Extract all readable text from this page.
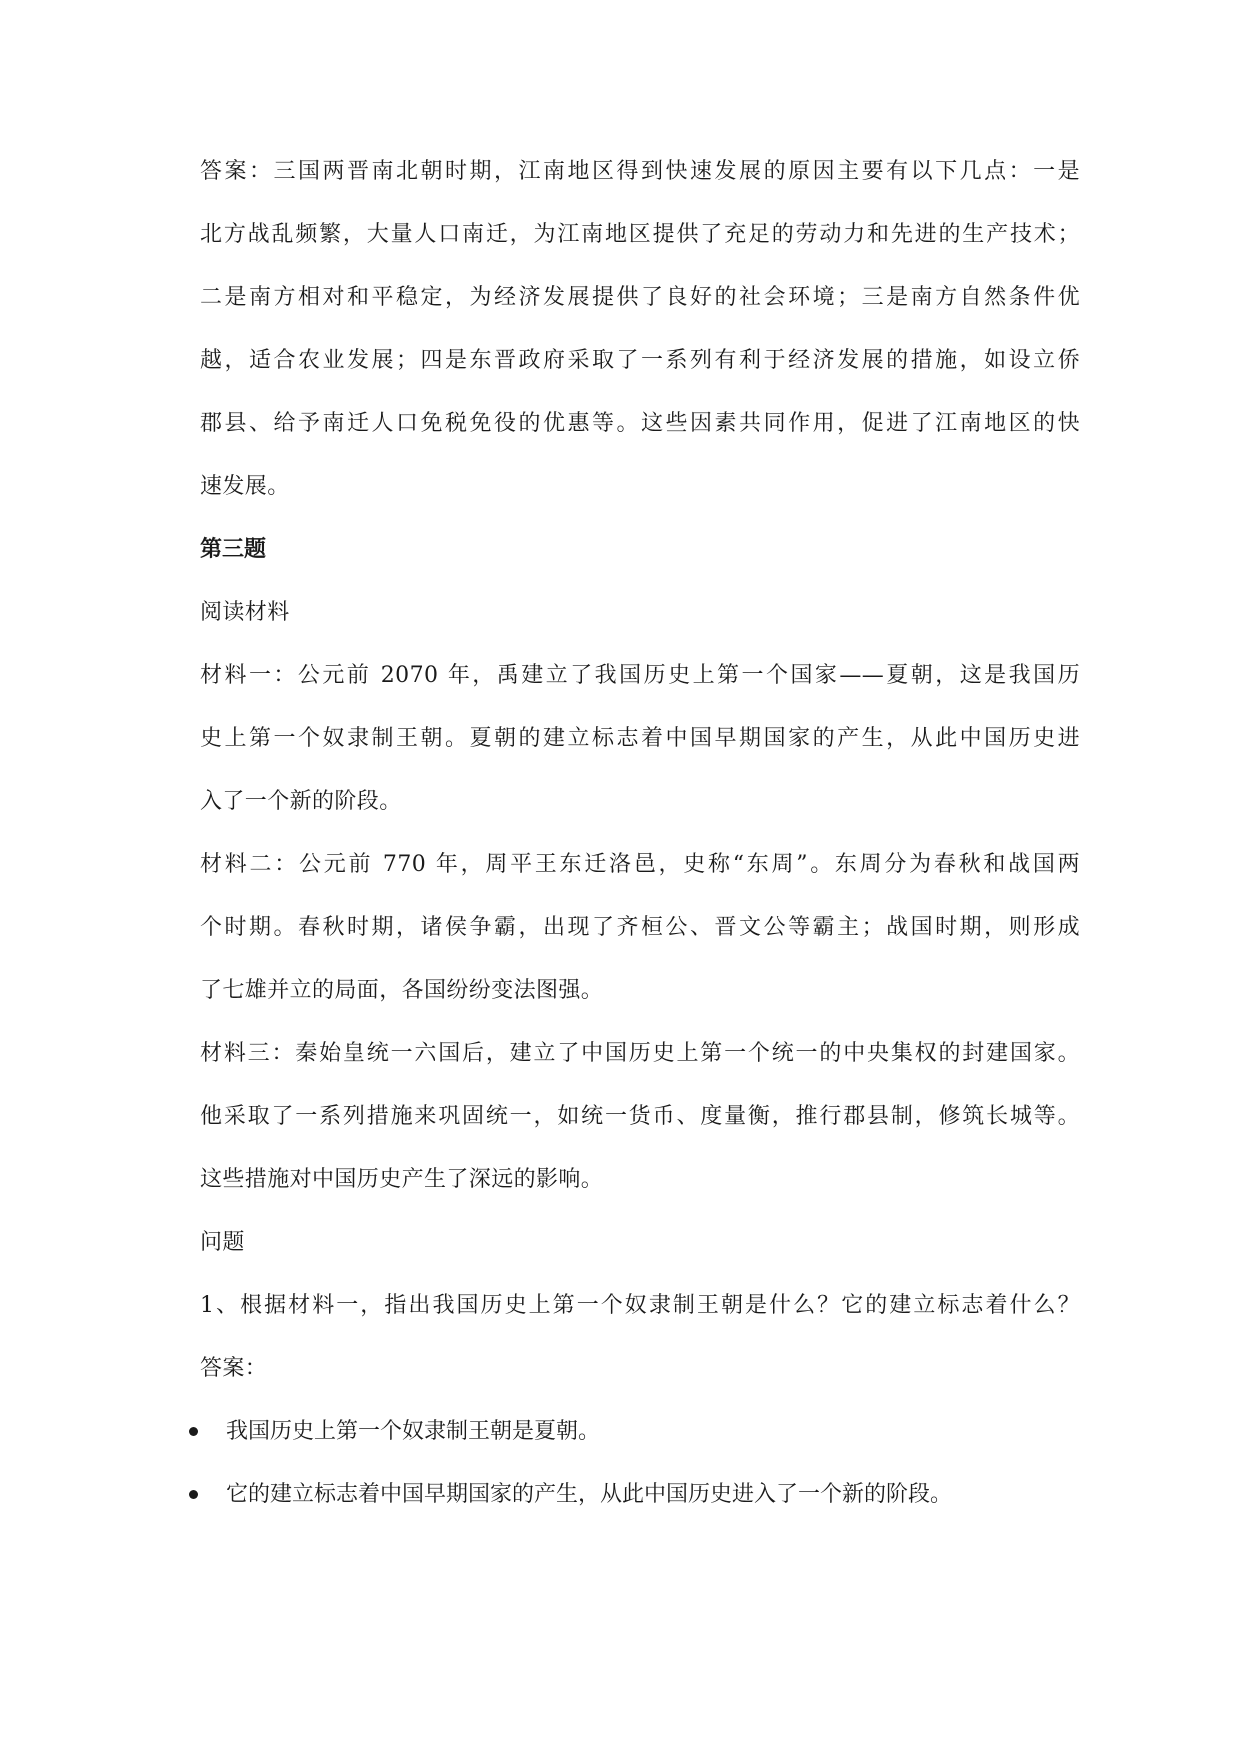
答案：三国两晋南北朝时期，江南地区得到快速发展的原因主要有以下几点：一是
北方战乱频繁，大量人口南迁，为江南地区提供了充足的劳动力和先进的生产技术；
二是南方相对和平稳定，为经济发展提供了良好的社会环境；三是南方自然条件优
越，适合农业发展；四是东晋政府采取了一系列有利于经济发展的措施，如设立侨
郡县、给予南迁人口免税免役的优惠等。这些因素共同作用，促进了江南地区的快
速发展。
第三题
阅读材料
材料一：公元前 2070 年，禹建立了我国历史上第一个国家——夏朝，这是我国历
史上第一个奴隶制王朝。夏朝的建立标志着中国早期国家的产生，从此中国历史进
入了一个新的阶段。
材料二：公元前 770 年，周平王东迁洛邑，史称“东周”。东周分为春秋和战国两
个时期。春秋时期，诸侯争霸，出现了齐桓公、晋文公等霸主；战国时期，则形成
了七雄并立的局面，各国纷纷变法图强。
材料三：秦始皇统一六国后，建立了中国历史上第一个统一的中央集权的封建国家。
他采取了一系列措施来巩固统一，如统一货币、度量衡，推行郡县制，修筑长城等。
这些措施对中国历史产生了深远的影响。
问题
1、根据材料一，指出我国历史上第一个奴隶制王朝是什么？它的建立标志着什么？
答案：
我国历史上第一个奴隶制王朝是夏朝。
它的建立标志着中国早期国家的产生，从此中国历史进入了一个新的阶段。
